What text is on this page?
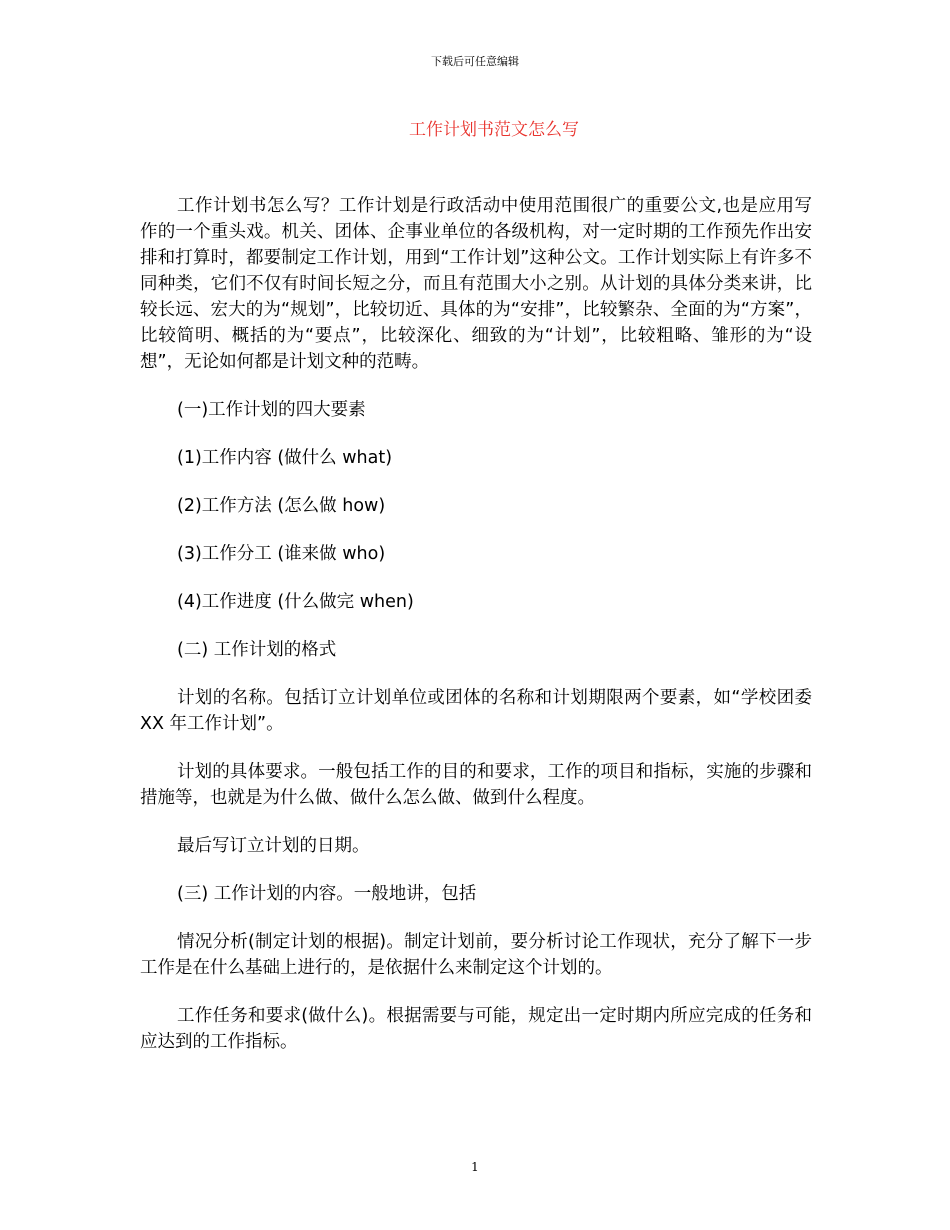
下载后可任意编辑
工作计划书范文怎么写

工作计划书怎么写？工作计划是行政活动中使用范围很广的重要公文,也是应用写作的一个重头戏。机关、团体、企事业单位的各级机构，对一定时期的工作预先作出安排和打算时，都要制定工作计划，用到“工作计划”这种公文。工作计划实际上有许多不同种类，它们不仅有时间长短之分，而且有范围大小之别。从计划的具体分类来讲，比较长远、宏大的为“规划”，比较切近、具体的为“安排”，比较繁杂、全面的为“方案”，比较简明、概括的为“要点”，比较深化、细致的为“计划”，比较粗略、雏形的为“设想”，无论如何都是计划文种的范畴。

(一)工作计划的四大要素

(1)工作内容 (做什么 what)

(2)工作方法 (怎么做 how)

(3)工作分工 (谁来做 who)

(4)工作进度 (什么做完 when)

(二) 工作计划的格式

计划的名称。包括订立计划单位或团体的名称和计划期限两个要素，如“学校团委 XX 年工作计划”。

计划的具体要求。一般包括工作的目的和要求，工作的项目和指标，实施的步骤和措施等，也就是为什么做、做什么怎么做、做到什么程度。

最后写订立计划的日期。

(三) 工作计划的内容。一般地讲，包括

情况分析(制定计划的根据)。制定计划前，要分析讨论工作现状，充分了解下一步工作是在什么基础上进行的，是依据什么来制定这个计划的。

工作任务和要求(做什么)。根据需要与可能，规定出一定时期内所应完成的任务和应达到的工作指标。

1
